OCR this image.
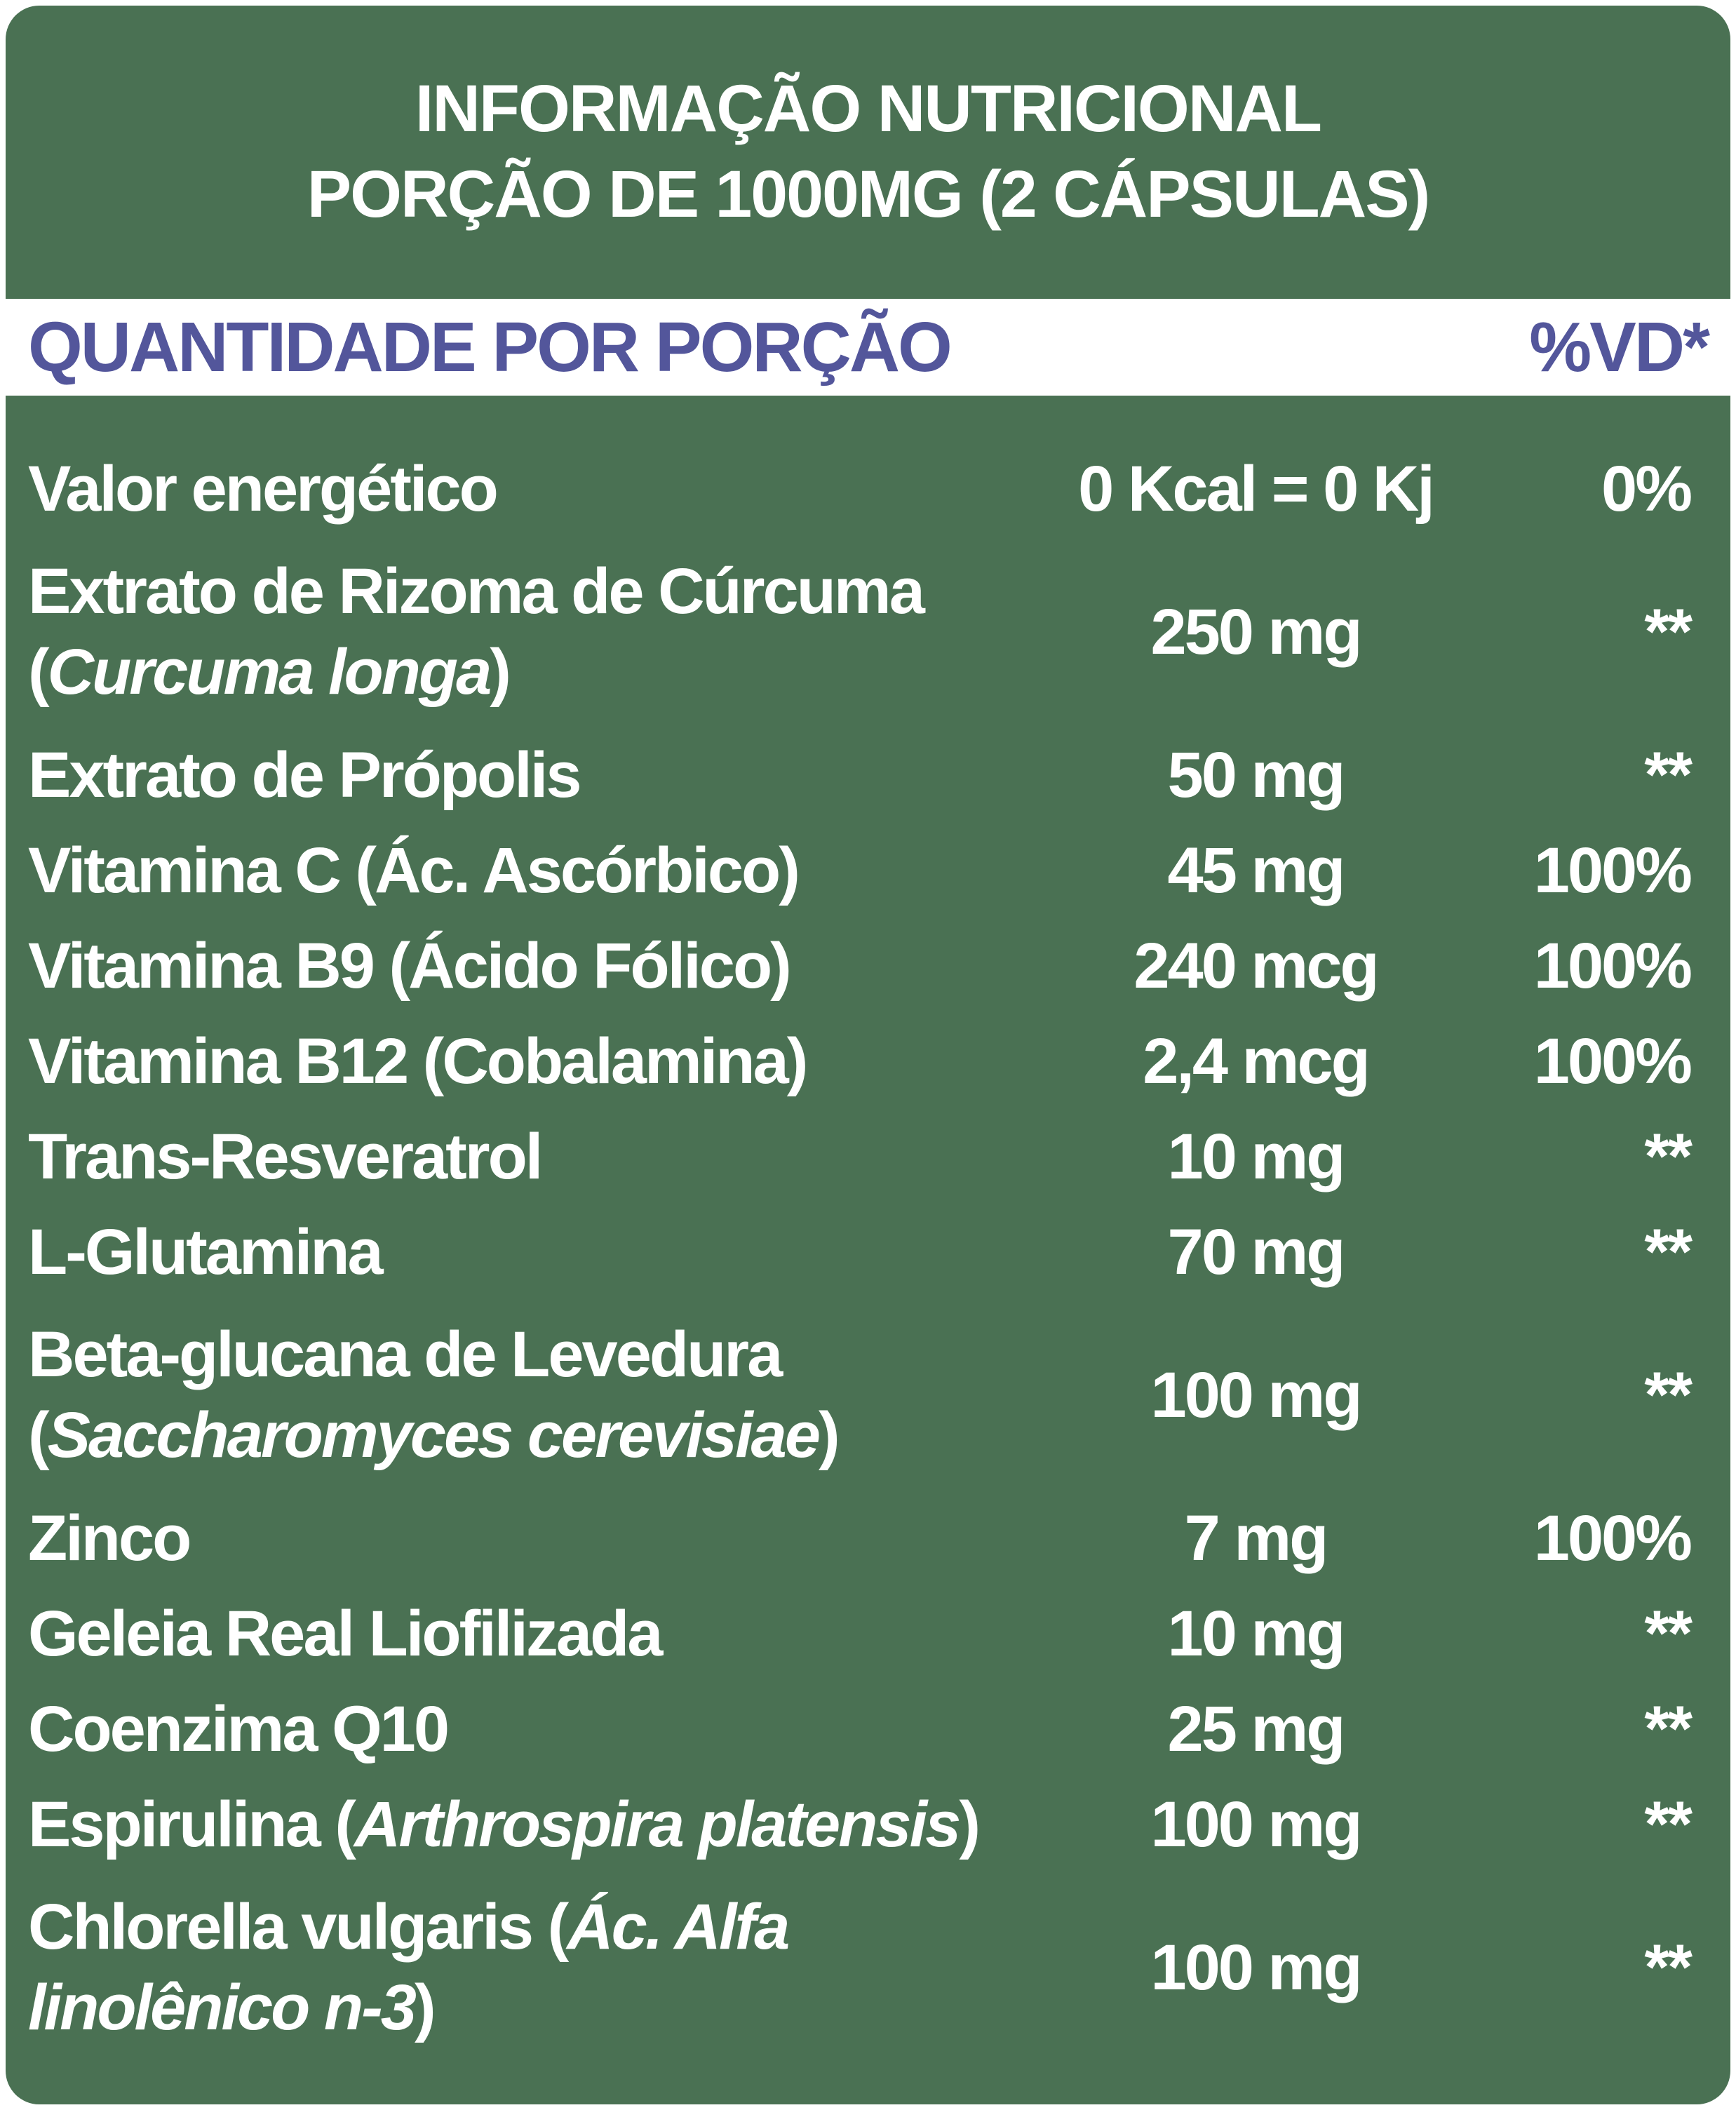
INFORMAÇÃO NUTRICIONAL
PORÇÃO DE 1000MG (2 CÁPSULAS)
Valor energético	0 Kcal = 0 Kj	0%
Extrato de Rizoma de Cúrcuma
(Curcuma longa)
250 mg	**
Extrato de Própolis	50 mg	**
Vitamina C (Ác. Ascórbico)	45 mg	100%
Vitamina B9 (Ácido Fólico)	240 mcg	100%
Vitamina B12 (Cobalamina)	2,4 mcg	100%
Trans-Resveratrol	10 mg	**
L-Glutamina	70 mg	**
Beta-glucana de Levedura
(Saccharomyces cerevisiae)
100 mg	**
Zinco	7 mg	100%
Geleia Real Liofilizada	10 mg	**
Coenzima Q10	25 mg	**
Espirulina (Arthrospira platensis)	100 mg	**
Chlorella vulgaris (Ác. Alfa
linolênico n-3)
100 mg	**
QUANTIDADE POR PORÇÃO	%VD*
